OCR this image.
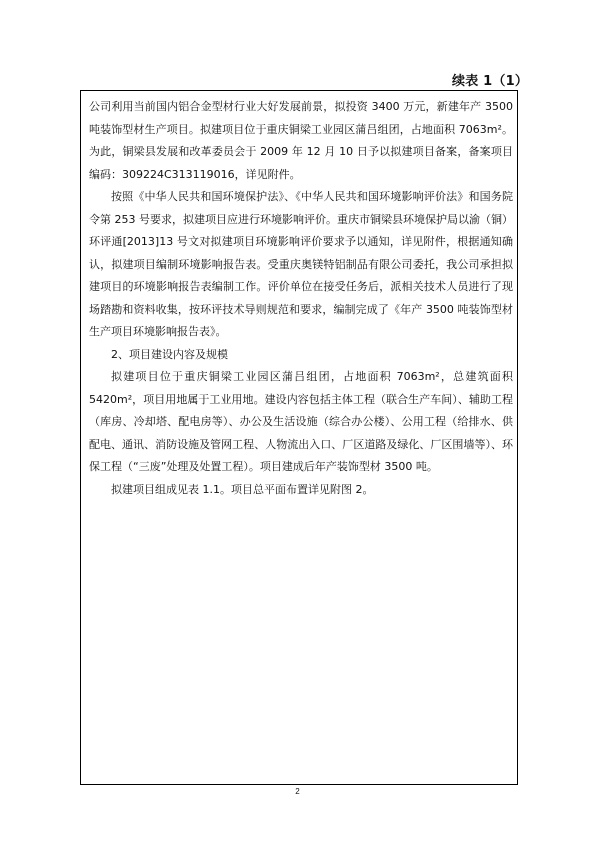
续表 1（1）

公司利用当前国内铝合金型材行业大好发展前景，拟投资 3400 万元，新建年产 3500 吨装饰型材生产项目。拟建项目位于重庆铜梁工业园区蒲吕组团，占地面积 7063m²。为此，铜梁县发展和改革委员会于 2009 年 12 月 10 日予以拟建项目备案，备案项目编码：309224C313119016，详见附件。

按照《中华人民共和国环境保护法》、《中华人民共和国环境影响评价法》和国务院令第 253 号要求，拟建项目应进行环境影响评价。重庆市铜梁县环境保护局以渝（铜）环评通[2013]13 号文对拟建项目环境影响评价要求予以通知，详见附件，根据通知确认，拟建项目编制环境影响报告表。受重庆奥镁特铝制品有限公司委托，我公司承担拟建项目的环境影响报告表编制工作。评价单位在接受任务后，派相关技术人员进行了现场踏勘和资料收集，按环评技术导则规范和要求，编制完成了《年产 3500 吨装饰型材生产项目环境影响报告表》。

2、项目建设内容及规模

拟建项目位于重庆铜梁工业园区蒲吕组团，占地面积 7063m²，总建筑面积 5420m²，项目用地属于工业用地。建设内容包括主体工程（联合生产车间）、辅助工程（库房、冷却塔、配电房等）、办公及生活设施（综合办公楼）、公用工程（给排水、供配电、通讯、消防设施及管网工程、人物流出入口、厂区道路及绿化、厂区围墙等）、环保工程（“三废”处理及处置工程）。项目建成后年产装饰型材 3500 吨。

拟建项目组成见表 1.1。项目总平面布置详见附图 2。

2
